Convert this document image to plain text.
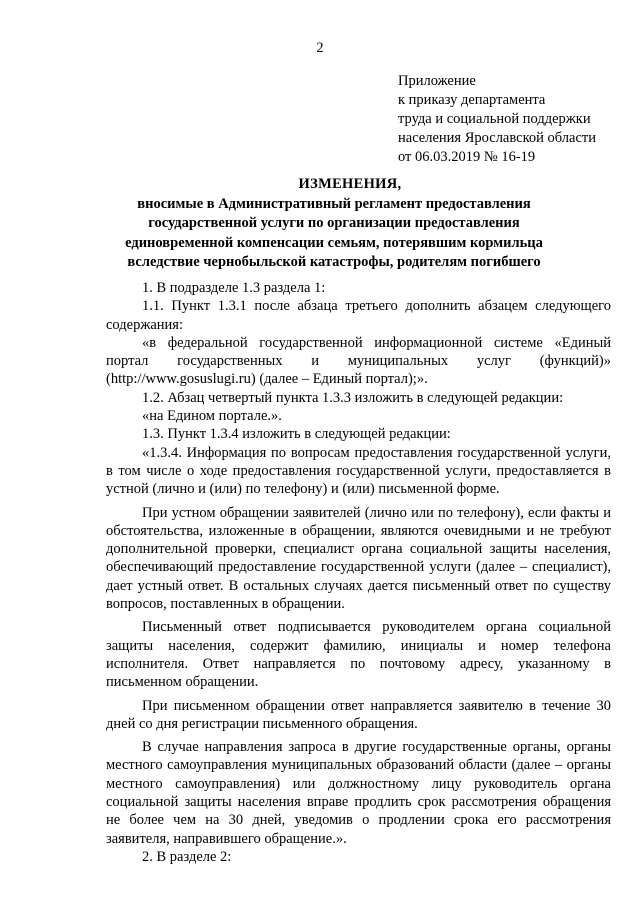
2
Приложение
к приказу департамента
труда и социальной поддержки
населения Ярославской области
от 06.03.2019 № 16-19
ИЗМЕНЕНИЯ,
вносимые в Административный регламент предоставления
государственной услуги по организации предоставления
единовременной компенсации семьям, потерявшим кормильца
вследствие чернобыльской катастрофы, родителям погибшего

1. В подразделе 1.3 раздела 1:

1.1. Пункт 1.3.1 после абзаца третьего дополнить абзацем следующего содержания:

«в федеральной государственной информационной системе «Единый портал государственных и муниципальных услуг (функций)» (http://www.gosuslugi.ru) (далее – Единый портал);».

1.2. Абзац четвертый пункта 1.3.3 изложить в следующей редакции:

«на Едином портале.».

1.3. Пункт 1.3.4 изложить в следующей редакции:

«1.3.4. Информация по вопросам предоставления государственной услуги, в том числе о ходе предоставления государственной услуги, предоставляется в устной (лично и (или) по телефону) и (или) письменной форме.

При устном обращении заявителей (лично или по телефону), если факты и обстоятельства, изложенные в обращении, являются очевидными и не требуют дополнительной проверки, специалист органа социальной защиты населения, обеспечивающий предоставление государственной услуги (далее – специалист), дает устный ответ. В остальных случаях дается письменный ответ по существу вопросов, поставленных в обращении.

Письменный ответ подписывается руководителем органа социальной защиты населения, содержит фамилию, инициалы и номер телефона исполнителя. Ответ направляется по почтовому адресу, указанному в письменном обращении.

При письменном обращении ответ направляется заявителю в течение 30 дней со дня регистрации письменного обращения.

В случае направления запроса в другие государственные органы, органы местного самоуправления муниципальных образований области (далее – органы местного самоуправления) или должностному лицу руководитель органа социальной защиты населения вправе продлить срок рассмотрения обращения не более чем на 30 дней, уведомив о продлении срока его рассмотрения заявителя, направившего обращение.».

2. В разделе 2:
